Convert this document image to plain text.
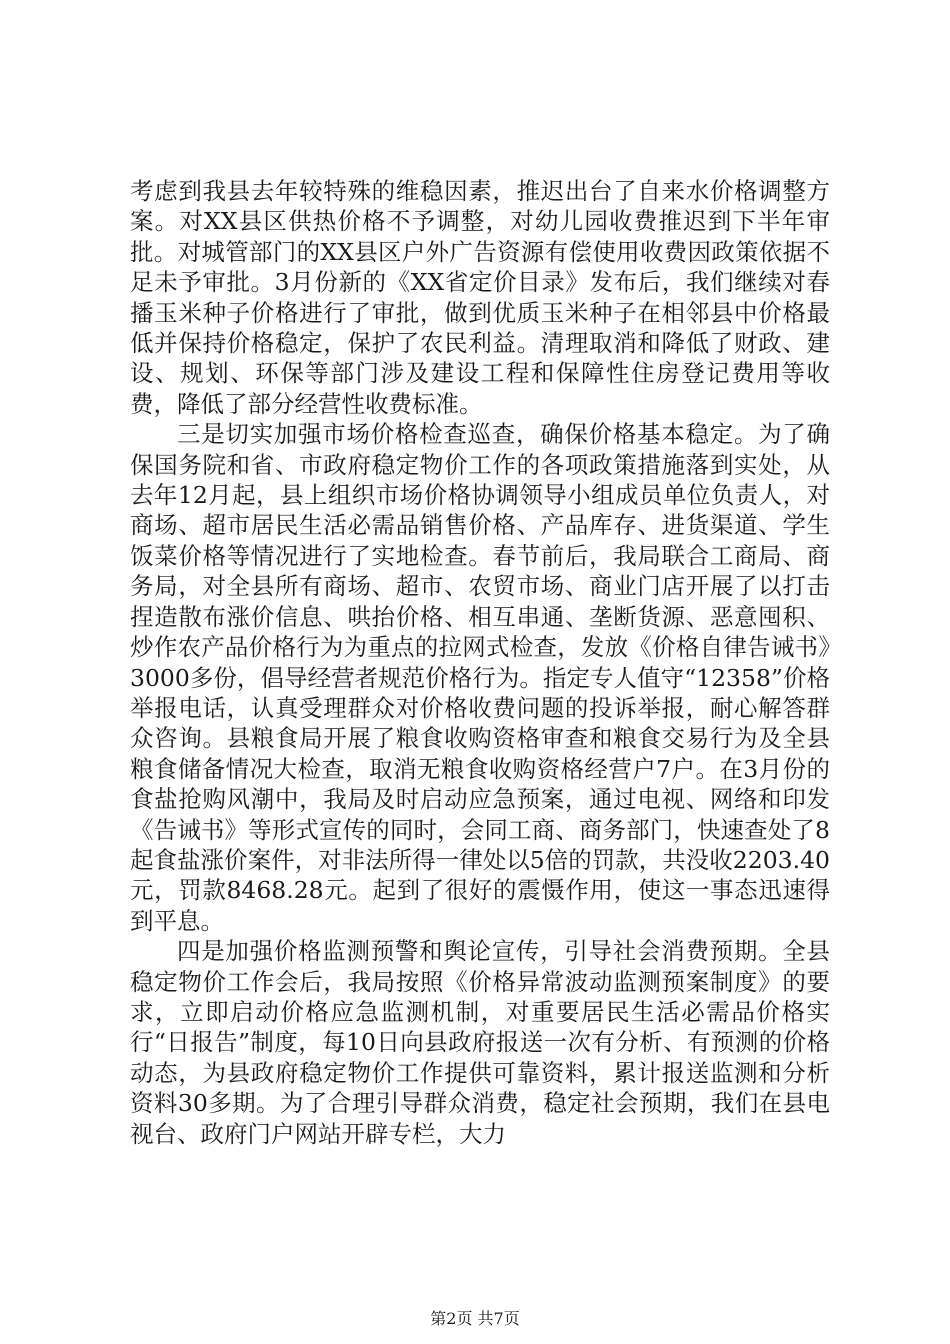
考虑到我县去年较特殊的维稳因素，推迟出台了自来水价格调整方案。对XX县区供热价格不予调整，对幼儿园收费推迟到下半年审批。对城管部门的XX县区户外广告资源有偿使用收费因政策依据不足未予审批。3月份新的《XX省定价目录》发布后，我们继续对春播玉米种子价格进行了审批，做到优质玉米种子在相邻县中价格最低并保持价格稳定，保护了农民利益。清理取消和降低了财政、建设、规划、环保等部门涉及建设工程和保障性住房登记费用等收费，降低了部分经营性收费标准。

三是切实加强市场价格检查巡查，确保价格基本稳定。为了确保国务院和省、市政府稳定物价工作的各项政策措施落到实处，从去年12月起，县上组织市场价格协调领导小组成员单位负责人，对商场、超市居民生活必需品销售价格、产品库存、进货渠道、学生饭菜价格等情况进行了实地检查。春节前后，我局联合工商局、商务局，对全县所有商场、超市、农贸市场、商业门店开展了以打击捏造散布涨价信息、哄抬价格、相互串通、垄断货源、恶意囤积、炒作农产品价格行为为重点的拉网式检查，发放《价格自律告诫书》3000多份，倡导经营者规范价格行为。指定专人值守“12358”价格举报电话，认真受理群众对价格收费问题的投诉举报，耐心解答群众咨询。县粮食局开展了粮食收购资格审查和粮食交易行为及全县粮食储备情况大检查，取消无粮食收购资格经营户7户。在3月份的食盐抢购风潮中，我局及时启动应急预案，通过电视、网络和印发《告诫书》等形式宣传的同时，会同工商、商务部门，快速查处了8起食盐涨价案件，对非法所得一律处以5倍的罚款，共没收2203.40元，罚款8468.28元。起到了很好的震慑作用，使这一事态迅速得到平息。

四是加强价格监测预警和舆论宣传，引导社会消费预期。全县稳定物价工作会后，我局按照《价格异常波动监测预案制度》的要求，立即启动价格应急监测机制，对重要居民生活必需品价格实行“日报告”制度，每10日向县政府报送一次有分析、有预测的价格动态，为县政府稳定物价工作提供可靠资料，累计报送监测和分析资料30多期。为了合理引导群众消费，稳定社会预期，我们在县电视台、政府门户网站开辟专栏，大力

第2页 共7页
